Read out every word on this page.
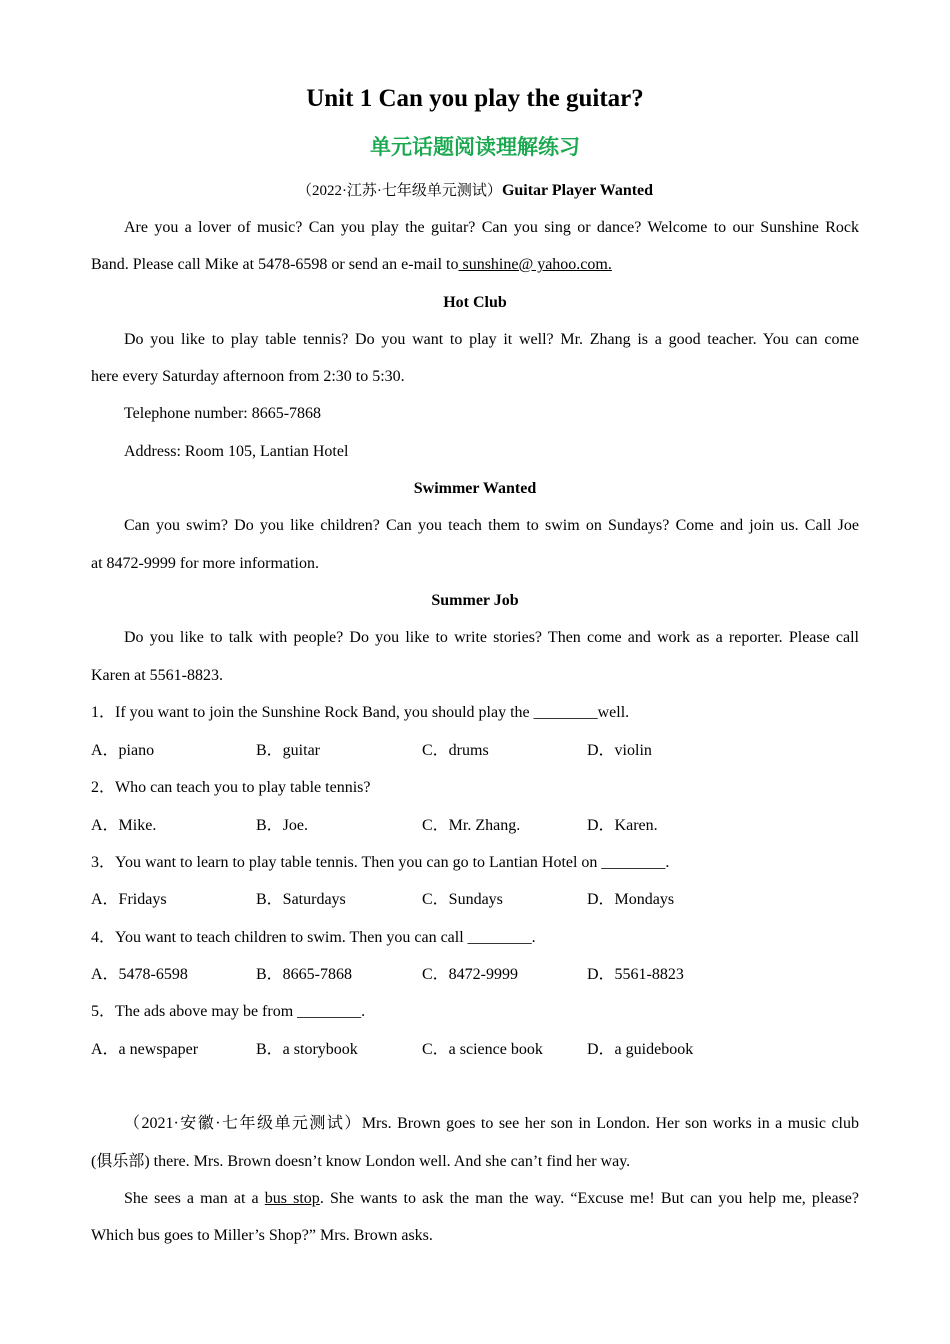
Unit 1 Can you play the guitar?
单元话题阅读理解练习
（2022·江苏·七年级单元测试）Guitar Player Wanted
Are you a lover of music? Can you play the guitar? Can you sing or dance? Welcome to our Sunshine Rock
Band. Please call Mike at 5478-6598 or send an e-mail to sunshine@ yahoo.com.
Hot Club
Do you like to play table tennis? Do you want to play it well? Mr. Zhang is a good teacher. You can come
here every Saturday afternoon from 2:30 to 5:30.
Telephone number: 8665-7868
Address: Room 105, Lantian Hotel
Swimmer Wanted
Can you swim? Do you like children? Can you teach them to swim on Sundays? Come and join us. Call Joe
at 8472-9999 for more information.
Summer Job
Do you like to talk with people? Do you like to write stories? Then come and work as a reporter. Please call
Karen at 5561-8823.
1．If you want to join the Sunshine Rock Band, you should play the ________well.
A．piano	B．guitar	C．drums	D．violin
2．Who can teach you to play table tennis?
A．Mike.	B．Joe.	C．Mr. Zhang.	D．Karen.
3．You want to learn to play table tennis. Then you can go to Lantian Hotel on ________.
A．Fridays	B．Saturdays	C．Sundays	D．Mondays
4．You want to teach children to swim. Then you can call ________.
A．5478-6598	B．8665-7868	C．8472-9999	D．5561-8823
5．The ads above may be from ________.
A．a newspaper	B．a storybook	C．a science book	D．a guidebook
（2021·安徽·七年级单元测试）Mrs. Brown goes to see her son in London. Her son works in a music club
(俱乐部) there. Mrs. Brown doesn’t know London well. And she can’t find her way.
She sees a man at a bus stop. She wants to ask the man the way. “Excuse me! But can you help me, please?
Which bus goes to Miller’s Shop?” Mrs. Brown asks.
